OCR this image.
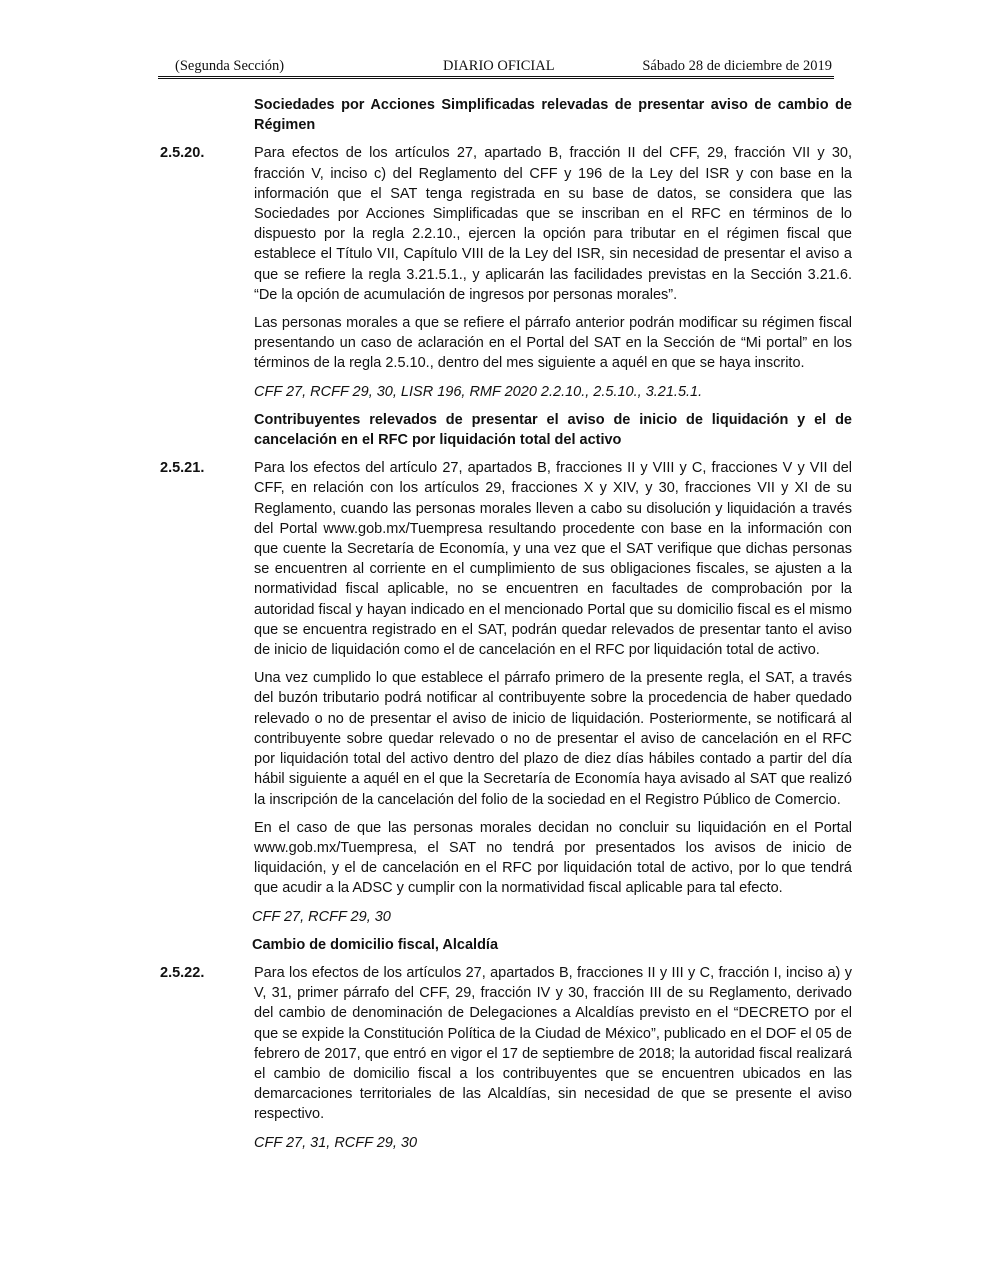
(Segunda Sección)	DIARIO OFICIAL	Sábado 28 de diciembre de 2019
Sociedades por Acciones Simplificadas relevadas de presentar aviso de cambio de Régimen
2.5.20.	Para efectos de los artículos 27, apartado B, fracción II del CFF, 29, fracción VII y 30, fracción V, inciso c) del Reglamento del CFF y 196 de la Ley del ISR y con base en la información que el SAT tenga registrada en su base de datos, se considera que las Sociedades por Acciones Simplificadas que se inscriban en el RFC en términos de lo dispuesto por la regla 2.2.10., ejercen la opción para tributar en el régimen fiscal que establece el Título VII, Capítulo VIII de la Ley del ISR, sin necesidad de presentar el aviso a que se refiere la regla 3.21.5.1., y aplicarán las facilidades previstas en la Sección 3.21.6. “De la opción de acumulación de ingresos por personas morales”.

Las personas morales a que se refiere el párrafo anterior podrán modificar su régimen fiscal presentando un caso de aclaración en el Portal del SAT en la Sección de “Mi portal” en los términos de la regla 2.5.10., dentro del mes siguiente a aquél en que se haya inscrito.

CFF 27, RCFF 29, 30, LISR 196, RMF 2020 2.2.10., 2.5.10., 3.21.5.1.
Contribuyentes relevados de presentar el aviso de inicio de liquidación y el de cancelación en el RFC por liquidación total del activo
2.5.21.	Para los efectos del artículo 27, apartados B, fracciones II y VIII y C, fracciones V y VII del CFF, en relación con los artículos 29, fracciones X y XIV, y 30, fracciones VII y XI de su Reglamento, cuando las personas morales lleven a cabo su disolución y liquidación a través del Portal www.gob.mx/Tuempresa resultando procedente con base en la información con que cuente la Secretaría de Economía, y una vez que el SAT verifique que dichas personas se encuentren al corriente en el cumplimiento de sus obligaciones fiscales, se ajusten a la normatividad fiscal aplicable, no se encuentren en facultades de comprobación por la autoridad fiscal y hayan indicado en el mencionado Portal que su domicilio fiscal es el mismo que se encuentra registrado en el SAT, podrán quedar relevados de presentar tanto el aviso de inicio de liquidación como el de cancelación en el RFC por liquidación total de activo.

Una vez cumplido lo que establece el párrafo primero de la presente regla, el SAT, a través del buzón tributario podrá notificar al contribuyente sobre la procedencia de haber quedado relevado o no de presentar el aviso de inicio de liquidación. Posteriormente, se notificará al contribuyente sobre quedar relevado o no de presentar el aviso de cancelación en el RFC por liquidación total del activo dentro del plazo de diez días hábiles contado a partir del día hábil siguiente a aquél en el que la Secretaría de Economía haya avisado al SAT que realizó la inscripción de la cancelación del folio de la sociedad en el Registro Público de Comercio.

En el caso de que las personas morales decidan no concluir su liquidación en el Portal www.gob.mx/Tuempresa, el SAT no tendrá por presentados los avisos de inicio de liquidación, y el de cancelación en el RFC por liquidación total de activo, por lo que tendrá que acudir a la ADSC y cumplir con la normatividad fiscal aplicable para tal efecto.

CFF 27, RCFF 29, 30
Cambio de domicilio fiscal, Alcaldía
2.5.22.	Para los efectos de los artículos 27, apartados B, fracciones II y III y C, fracción I, inciso a) y V, 31, primer párrafo del CFF, 29, fracción IV y 30, fracción III de su Reglamento, derivado del cambio de denominación de Delegaciones a Alcaldías previsto en el “DECRETO por el que se expide la Constitución Política de la Ciudad de México”, publicado en el DOF el 05 de febrero de 2017, que entró en vigor el 17 de septiembre de 2018; la autoridad fiscal realizará el cambio de domicilio fiscal a los contribuyentes que se encuentren ubicados en las demarcaciones territoriales de las Alcaldías, sin necesidad de que se presente el aviso respectivo.

CFF 27, 31, RCFF 29, 30
